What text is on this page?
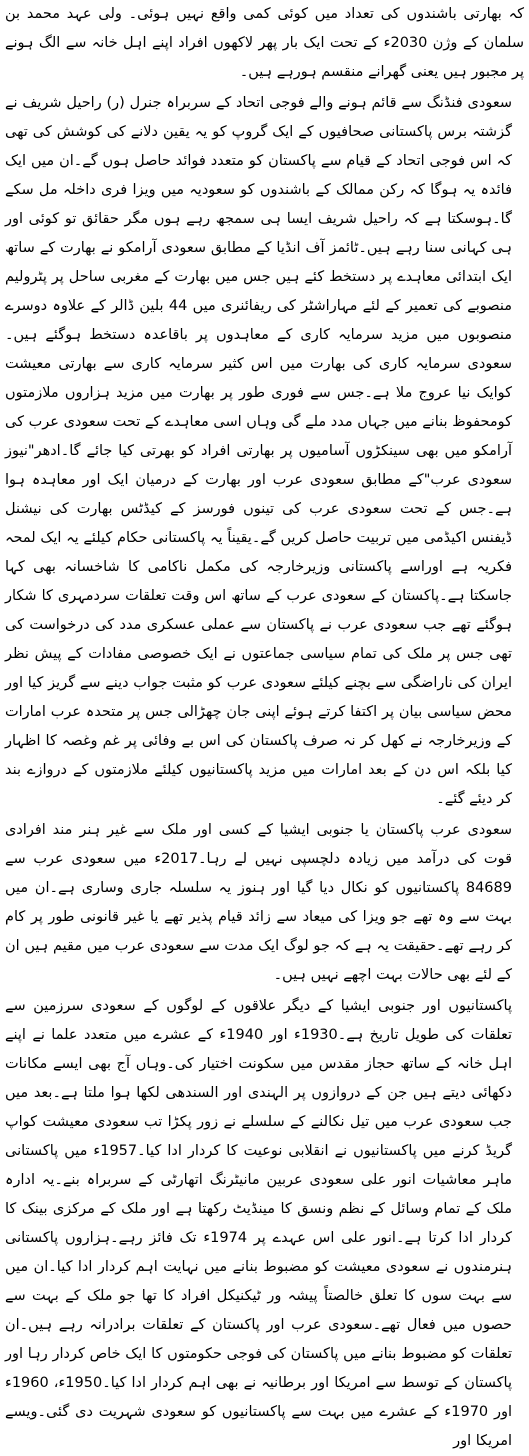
کہ بھارتی باشندوں کی تعداد میں کوئی کمی واقع نہیں ہوئی۔ ولی عہد محمد بن سلمان کے وژن 2030ء کے تحت ایک بار پھر لاکھوں افراد اپنے اہل خانہ سے الگ ہونے پر مجبور ہیں یعنی گھرانے منقسم ہورہے ہیں۔

سعودی فنڈنگ سے قائم ہونے والے فوجی اتحاد کے سربراہ جنرل (ر) راحیل شریف نے گزشتہ برس پاکستانی صحافیوں کے ایک گروپ کو یہ یقین دلانے کی کوشش کی تھی کہ اس فوجی اتحاد کے قیام سے پاکستان کو متعدد فوائد حاصل ہوں گے۔ان میں ایک فائدہ یہ ہوگا کہ رکن ممالک کے باشندوں کو سعودیہ میں ویزا فری داخلہ مل سکے گا۔ہوسکتا ہے کہ راحیل شریف ایسا ہی سمجھ رہے ہوں مگر حقائق تو کوئی اور ہی کہانی سنا رہے ہیں۔ٹائمز آف انڈیا کے مطابق سعودی آرامکو نے بھارت کے ساتھ ایک ابتدائی معاہدے پر دستخط کئے ہیں جس میں بھارت کے مغربی ساحل پر پٹرولیم منصوبے کی تعمیر کے لئے مہاراشٹر کی ریفائنری میں 44 بلین ڈالر کے علاوہ دوسرے منصوبوں میں مزید سرمایہ کاری کے معاہدوں پر باقاعدہ دستخط ہوگئے ہیں۔سعودی سرمایہ کاری کی بھارت میں اس کثیر سرمایہ کاری سے بھارتی معیشت کوایک نیا عروج ملا ہے۔جس سے فوری طور پر بھارت میں مزید ہزاروں ملازمتوں کومحفوظ بنانے میں جہاں مدد ملے گی وہاں اسی معاہدے کے تحت سعودی عرب کی آرامکو میں بھی سینکڑوں آسامیوں پر بھارتی افراد کو بھرتی کیا جائے گا۔ادھر"نیوز سعودی عرب"کے مطابق سعودی عرب اور بھارت کے درمیان ایک اور معاہدہ ہوا ہے۔جس کے تحت سعودی عرب کی تینوں فورسز کے کیڈٹس بھارت کی نیشنل ڈیفنس اکیڈمی میں تربیت حاصل کریں گے۔یقیناً یہ پاکستانی حکام کیلئے یہ ایک لمحہ فکریہ ہے اوراسے پاکستانی وزیرخارجہ کی مکمل ناکامی کا شاخسانہ بھی کہا جاسکتا ہے۔پاکستان کے سعودی عرب کے ساتھ اس وقت تعلقات سردمہری کا شکار ہوگئے تھے جب سعودی عرب نے پاکستان سے عملی عسکری مدد کی درخواست کی تھی جس پر ملک کی تمام سیاسی جماعتوں نے ایک خصوصی مفادات کے پیش نظر ایران کی ناراضگی سے بچنے کیلئے سعودی عرب کو مثبت جواب دینے سے گریز کیا اور محض سیاسی بیان پر اکتفا کرتے ہوئے اپنی جان چھڑالی جس پر متحدہ عرب امارات کے وزیرخارجہ نے کھل کر نہ صرف پاکستان کی اس بے وفائی پر غم وغصہ کا اظہار کیا بلکہ اس دن کے بعد امارات میں مزید پاکستانیوں کیلئے ملازمتوں کے دروازے بند کر دیئے گئے۔

سعودی عرب پاکستان یا جنوبی ایشیا کے کسی اور ملک سے غیر ہنر مند افرادی قوت کی درآمد میں زیادہ دلچسپی نہیں لے رہا۔2017ء میں سعودی عرب سے 84689 پاکستانیوں کو نکال دیا گیا اور ہنوز یہ سلسلہ جاری وساری ہے۔ان میں بہت سے وہ تھے جو ویزا کی میعاد سے زائد قیام پذیر تھے یا غیر قانونی طور پر کام کر رہے تھے۔حقیقت یہ ہے کہ جو لوگ ایک مدت سے سعودی عرب میں مقیم ہیں ان کے لئے بھی حالات بہت اچھے نہیں ہیں۔

پاکستانیوں اور جنوبی ایشیا کے دیگر علاقوں کے لوگوں کے سعودی سرزمین سے تعلقات کی طویل تاریخ ہے۔1930ء اور 1940ء کے عشرے میں متعدد علما نے اپنے اہل خانہ کے ساتھ حجاز مقدس میں سکونت اختیار کی۔وہاں آج بھی ایسے مکانات دکھائی دیتے ہیں جن کے دروازوں پر الہندی اور السندھی لکھا ہوا ملتا ہے۔بعد میں جب سعودی عرب میں تیل نکالنے کے سلسلے نے زور پکڑا تب سعودی معیشت کواپ گریڈ کرنے میں پاکستانیوں نے انقلابی نوعیت کا کردار ادا کیا۔1957ء میں پاکستانی ماہر معاشیات انور علی سعودی عربین مانیٹرنگ اتھارٹی کے سربراہ بنے۔یہ ادارہ ملک کے تمام وسائل کے نظم ونسق کا مینڈیٹ رکھتا ہے اور ملک کے مرکزی بینک کا کردار ادا کرتا ہے۔انور علی اس عہدے پر 1974ء تک فائز رہے۔ہزاروں پاکستانی ہنرمندوں نے سعودی معیشت کو مضبوط بنانے میں نہایت اہم کردار ادا کیا۔ان میں سے بہت سوں کا تعلق خالصتاً پیشہ ور ٹیکنیکل افراد کا تھا جو ملک کے بہت سے حصوں میں فعال تھے۔سعودی عرب اور پاکستان کے تعلقات برادرانہ رہے ہیں۔ان تعلقات کو مضبوط بنانے میں پاکستان کی فوجی حکومتوں کا ایک خاص کردار رہا اور پاکستان کے توسط سے امریکا اور برطانیہ نے بھی اہم کردار ادا کیا۔1950ء، 1960ء اور 1970ء کے عشرے میں بہت سے پاکستانیوں کو سعودی شہریت دی گئی۔ویسے امریکا اور
